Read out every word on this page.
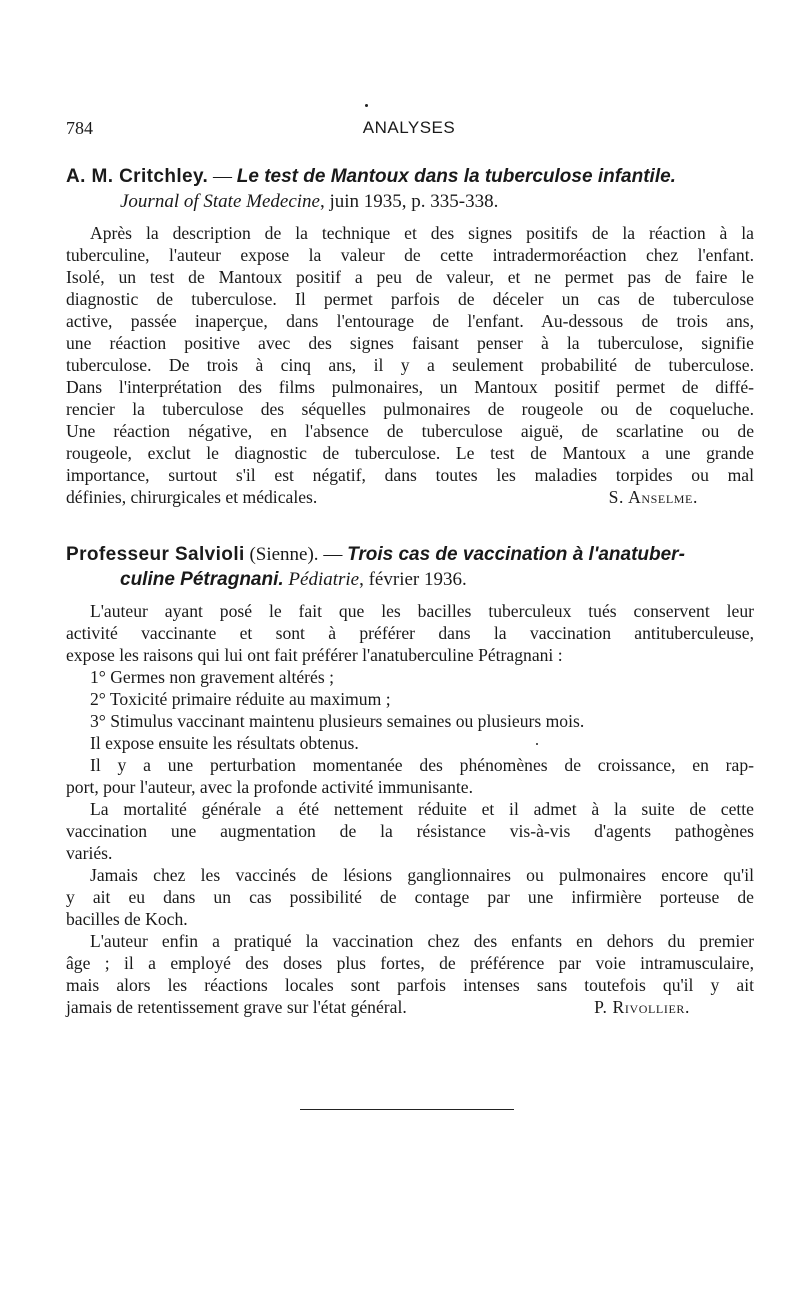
784	ANALYSES
A. M. Critchley. — Le test de Mantoux dans la tuberculose infantile.
Journal of State Medecine, juin 1935, p. 335-338.
Après la description de la technique et des signes positifs de la réaction à la
tuberculine, l'auteur expose la valeur de cette intradermoréaction chez l'enfant.
Isolé, un test de Mantoux positif a peu de valeur, et ne permet pas de faire le
diagnostic de tuberculose. Il permet parfois de déceler un cas de tuberculose
active, passée inaperçue, dans l'entourage de l'enfant. Au-dessous de trois ans,
une réaction positive avec des signes faisant penser à la tuberculose, signifie
tuberculose. De trois à cinq ans, il y a seulement probabilité de tuberculose.
Dans l'interprétation des films pulmonaires, un Mantoux positif permet de diffé-
rencier la tuberculose des séquelles pulmonaires de rougeole ou de coqueluche.
Une réaction négative, en l'absence de tuberculose aiguë, de scarlatine ou de
rougeole, exclut le diagnostic de tuberculose. Le test de Mantoux a une grande
importance, surtout s'il est négatif, dans toutes les maladies torpides ou mal
définies, chirurgicales et médicales.	S. Anselme.
Professeur Salvioli (Sienne). — Trois cas de vaccination à l'anatuber-
culine Pétragnani. Pédiatrie, février 1936.
L'auteur ayant posé le fait que les bacilles tuberculeux tués conservent leur
activité vaccinante et sont à préférer dans la vaccination antituberculeuse,
expose les raisons qui lui ont fait préférer l'anatuberculine Pétragnani :
1° Germes non gravement altérés ;
2° Toxicité primaire réduite au maximum ;
3° Stimulus vaccinant maintenu plusieurs semaines ou plusieurs mois.
Il expose ensuite les résultats obtenus.
Il y a une perturbation momentanée des phénomènes de croissance, en rap-
port, pour l'auteur, avec la profonde activité immunisante.
La mortalité générale a été nettement réduite et il admet à la suite de cette
vaccination une augmentation de la résistance vis-à-vis d'agents pathogènes
variés.
Jamais chez les vaccinés de lésions ganglionnaires ou pulmonaires encore qu'il
y ait eu dans un cas possibilité de contage par une infirmière porteuse de
bacilles de Koch.
L'auteur enfin a pratiqué la vaccination chez des enfants en dehors du premier
âge ; il a employé des doses plus fortes, de préférence par voie intramusculaire,
mais alors les réactions locales sont parfois intenses sans toutefois qu'il y ait
jamais de retentissement grave sur l'état général.	P. Rivollier.
